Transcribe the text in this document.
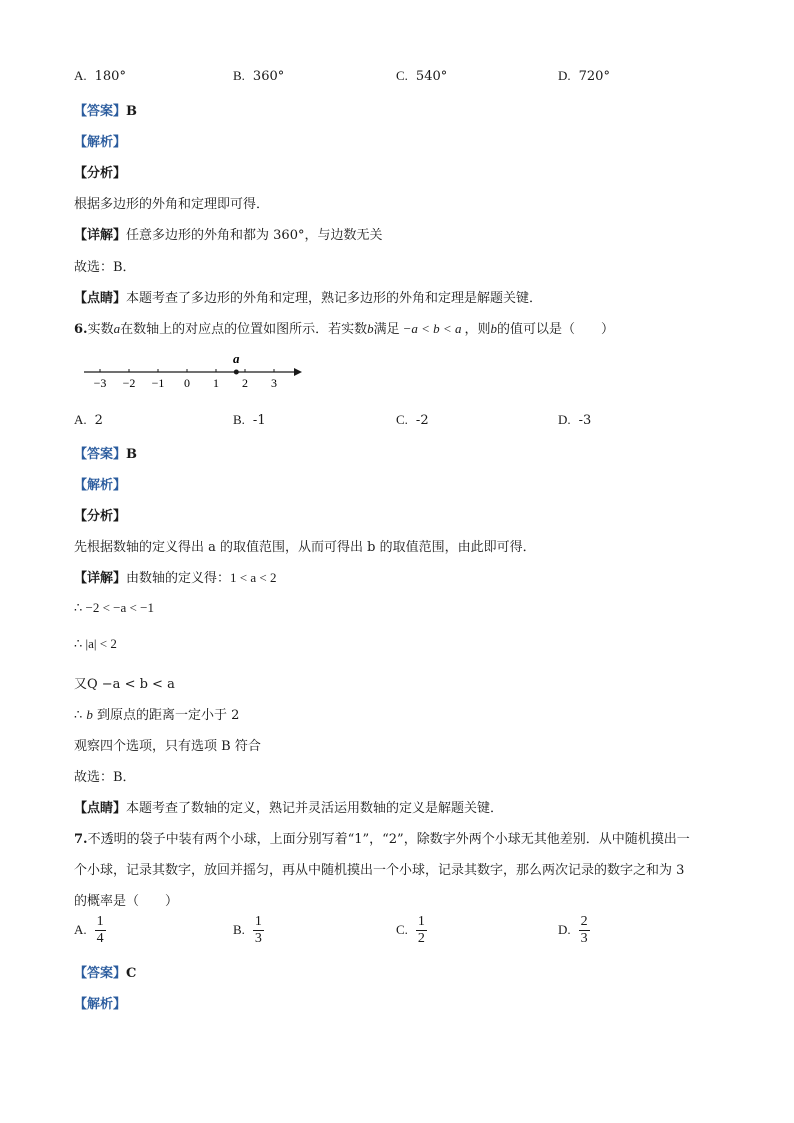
A. 180°	B. 360°	C. 540°	D. 720°
【答案】B
【解析】
【分析】
根据多边形的外角和定理即可得．
【详解】任意多边形的外角和都为 360°，与边数无关
故选：B．
【点睛】本题考查了多边形的外角和定理，熟记多边形的外角和定理是解题关键．
6.实数a在数轴上的对应点的位置如图所示．若实数b满足 −a < b < a ，则b的值可以是（　　）
−3 −2 −1 0 1 2 3
a
A. 2	B. -1	C. -2	D. -3
【答案】B
【解析】
【分析】
先根据数轴的定义得出 a 的取值范围，从而可得出 b 的取值范围，由此即可得．
【详解】由数轴的定义得：1 < a < 2
∴ −2 < −a < −1
∴ |a| < 2
又Q −a < b < a
∴ b 到原点的距离一定小于 2
观察四个选项，只有选项 B 符合
故选：B．
【点睛】本题考查了数轴的定义，熟记并灵活运用数轴的定义是解题关键．
7.不透明的袋子中装有两个小球，上面分别写着“1”，“2”，除数字外两个小球无其他差别．从中随机摸出一
个小球，记录其数字，放回并摇匀，再从中随机摸出一个小球，记录其数字，那么两次记录的数字之和为 3
的概率是（　　）
A. $\frac{1}{4}$	B. $\frac{1}{3}$	C. $\frac{1}{2}$	D. $\frac{2}{3}$
【答案】C
【解析】
